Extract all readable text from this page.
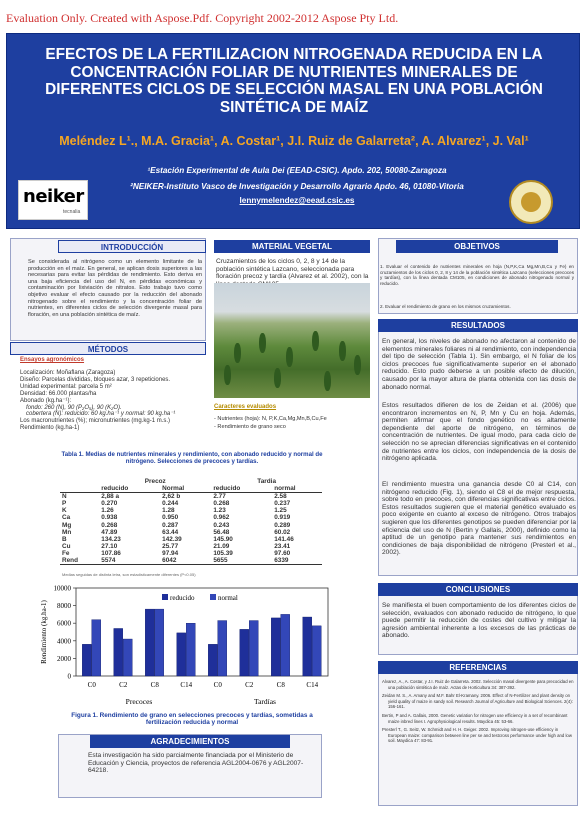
Evaluation Only. Created with Aspose.Pdf. Copyright 2002-2012 Aspose Pty Ltd.
EFECTOS DE LA FERTILIZACION NITROGENADA REDUCIDA EN LA CONCENTRACIÓN FOLIAR DE NUTRIENTES MINERALES DE DIFERENTES CICLOS DE SELECCIÓN MASAL EN UNA POBLACIÓN SINTÉTICA DE MAÍZ
Meléndez L¹., M.A. Gracia¹, A. Costar¹, J.I. Ruiz de Galarreta², A. Alvarez¹, J. Val¹
¹Estación Experimental de Aula Dei (EEAD-CSIC). Apdo. 202, 50080-Zaragoza
²NEIKER-Instituto Vasco de Investigación y Desarrollo Agrario Apdo. 46, 01080-Vitoria
lennymelendez@eead.csic.es
neiker
tecnalia
INTRODUCCIÓN
Se considerada al nitrógeno como un elemento limitante de la producción en el maíz. En general, se aplican dosis superiores a las necesarias para evitar las pérdidas de rendimiento. Esto deriva en una baja eficiencia del uso del N, en pérdidas económicas y contaminación por lixiviación de nitratos. Esto trabajo tuvo como objetivo evaluar el efecto causado por la reducción del abonado nitrogenado sobre el rendimiento y la concentración foliar de nutrientes, en diferentes ciclos de selección divergente masal para floración, en una población sintética de maíz.
MÉTODOS
Ensayos agronómicos
Localización: Moñaflana (Zaragoza)
Diseño: Parcelas divididas, bloques azar, 3 repeticiones.
Unidad experimental: parcela 5 m²
Densidad: 66.000 plantas/ha
Abonado (kg.ha⁻¹):
fondo: 260 (N), 90 (P₂O₅), 90 (K₂O).
cobertera (N): reducido: 60 kg.ha⁻¹ y normal: 90 kg.ha⁻¹
Los macronutrientes (%); micronutrientes (mg.kg-1 m.s.)
Rendimiento (kg.ha-1)
MATERIAL VEGETAL
Cruzamientos de los ciclos 0, 2, 8 y 14 de la población sintética Lazcano, seleccionada para floración precoz y tardía (Alvarez et al. 2002), con la
Caracteres evaluados
- Nutrientes (hoja): N, P,K,Ca,Mg,Mn,B,Cu,Fe
- Rendimiento de grano seco
Tabla 1. Medias de nutrientes minerales y rendimiento, con abonado reducido y normal de nitrógeno. Selecciones de precoces y tardías.
	Precoz		Tardia	
	reducido	Normal	reducido	normal
N	2,88 a	2,62 b	2.77	2.58
P	0.270	0.244	0.268	0.237
K	1.26	1.28	1.23	1.25
Ca	0.938	0.950	0.962	0.919
Mg	0.268	0.287	0.243	0.289
Mn	47.89	63.44	56.48	60.02
B	134.23	142.39	145.90	141.46
Cu	27.10	25.77	21.09	23.41
Fe	107.86	97.94	105.39	97.60
Rend	5574	6042	5655	6339
Medias seguidas de distinta letra, son estadísticamente diferentes (P<0.05)
0
2000
4000
6000
8000
10000
Rendimiento (kg.ha-1)
C0	C2	C8	C14	C0	C2	C8	C14
Precoces	Tardías
reducido	normal
Figura 1. Rendimiento de grano en selecciones precoces y tardías, sometidas a fertilización reducida y normal
AGRADECIMIENTOS
Esta investigación ha sido parcialmente financiada por el Ministerio de Educación y Ciencia, proyectos de referencia AGL2004-0676 y AGL2007- 64218.
OBJETIVOS
1. Evaluar el contenido de nutrientes minerales en hoja (N,P,K,Ca Mg,Mn,B,Cu y Fe) en cruzamientos de los ciclos 0, 2, 8 y 14 de la población sintética Lazcano (selecciones precoces y tardías), con la línea dentada CM105, en condiciones de abonado nitrogenado normal y reducido.
2. Evaluar el rendimiento de grano en los mismos cruzamientos.
RESULTADOS
En general, los niveles de abonado no afectaron al contenido de elementos minerales foliares ni al rendimiento, con independencia del tipo de selección (Tabla 1). Sin embargo, el N foliar de los ciclos precoces fue significativamente superior en el abonado reducido. Esto pudo deberse a un posible efecto de dilución, causado por la mayor altura de planta obtenida con las dosis de abonado normal.
Estos resultados difieren de los de Zeidan et al. (2006) que encontraron incrementos en N, P, Mn y Cu en hoja. Además, permiten afirmar que el fondo genético no es altamente dependiente del aporte de nitrógeno, en términos de concentración de nutrientes. De igual modo, para cada ciclo de selección no se aprecian diferencias significativas en el contenido de nutrientes entre los ciclos, con independencia de la dosis de nitrógeno aplicada.
El rendimiento muestra una ganancia desde C0 al C14, con nitrógeno reducido (Fig. 1), siendo el C8 el de mejor respuesta, sobre todo en precoces, con diferencias significativas entre ciclos. Estos resultados sugieren que el material genético evaluado es poco exigente en cuanto al exceso de nitrógeno. Otros trabajos sugieren que los diferentes genotipos se pueden diferenciar por la eficiencia del uso de N (Bertin y Gallais, 2000), definido como la aptitud de un genotipo para mantener sus rendimientos en condiciones de baja disponibilidad de nitrógeno (Presterl et al., 2002).
CONCLUSIONES
Se manifiesta el buen comportamiento de los diferentes ciclos de selección, evaluados con abonado reducido de nitrógeno, lo que puede permitir la reducción de costes del cultivo y mitigar la agresión ambiental inherente a los excesos de las prácticas de abonado.
REFERENCIAS
Alvarez, A., A. Costar, y J.I. Ruiz de Galarreta. 2002. Selección masal divergente para precocidad en una población sintética de maíz. Actas de Horticultura 34: 387-392.
Zeidan M. S., A. Amany and M.F. Bahr El-Kramany. 2006. Effect of N-Fertilizer and plant density on yield quality of maize in sandy soil. Research Journal of Agriculture and Biological Sciences. 2(4): 156-161.
Bertin, P and A. Gallais, 2000. Genetic variation for nitrogen use efficiency in a set of recombinant maize inbred lines I. Agrophysiological results. Maydica 45: 53-66.
Presterl T., G. Seitz, W. Schmidt and H. H. Geiger. 2002. Improving nitrogen-use efficiency in European maize: comparison between line per se and testcross performance under high and low soil. Maydica 47: 83-91.
